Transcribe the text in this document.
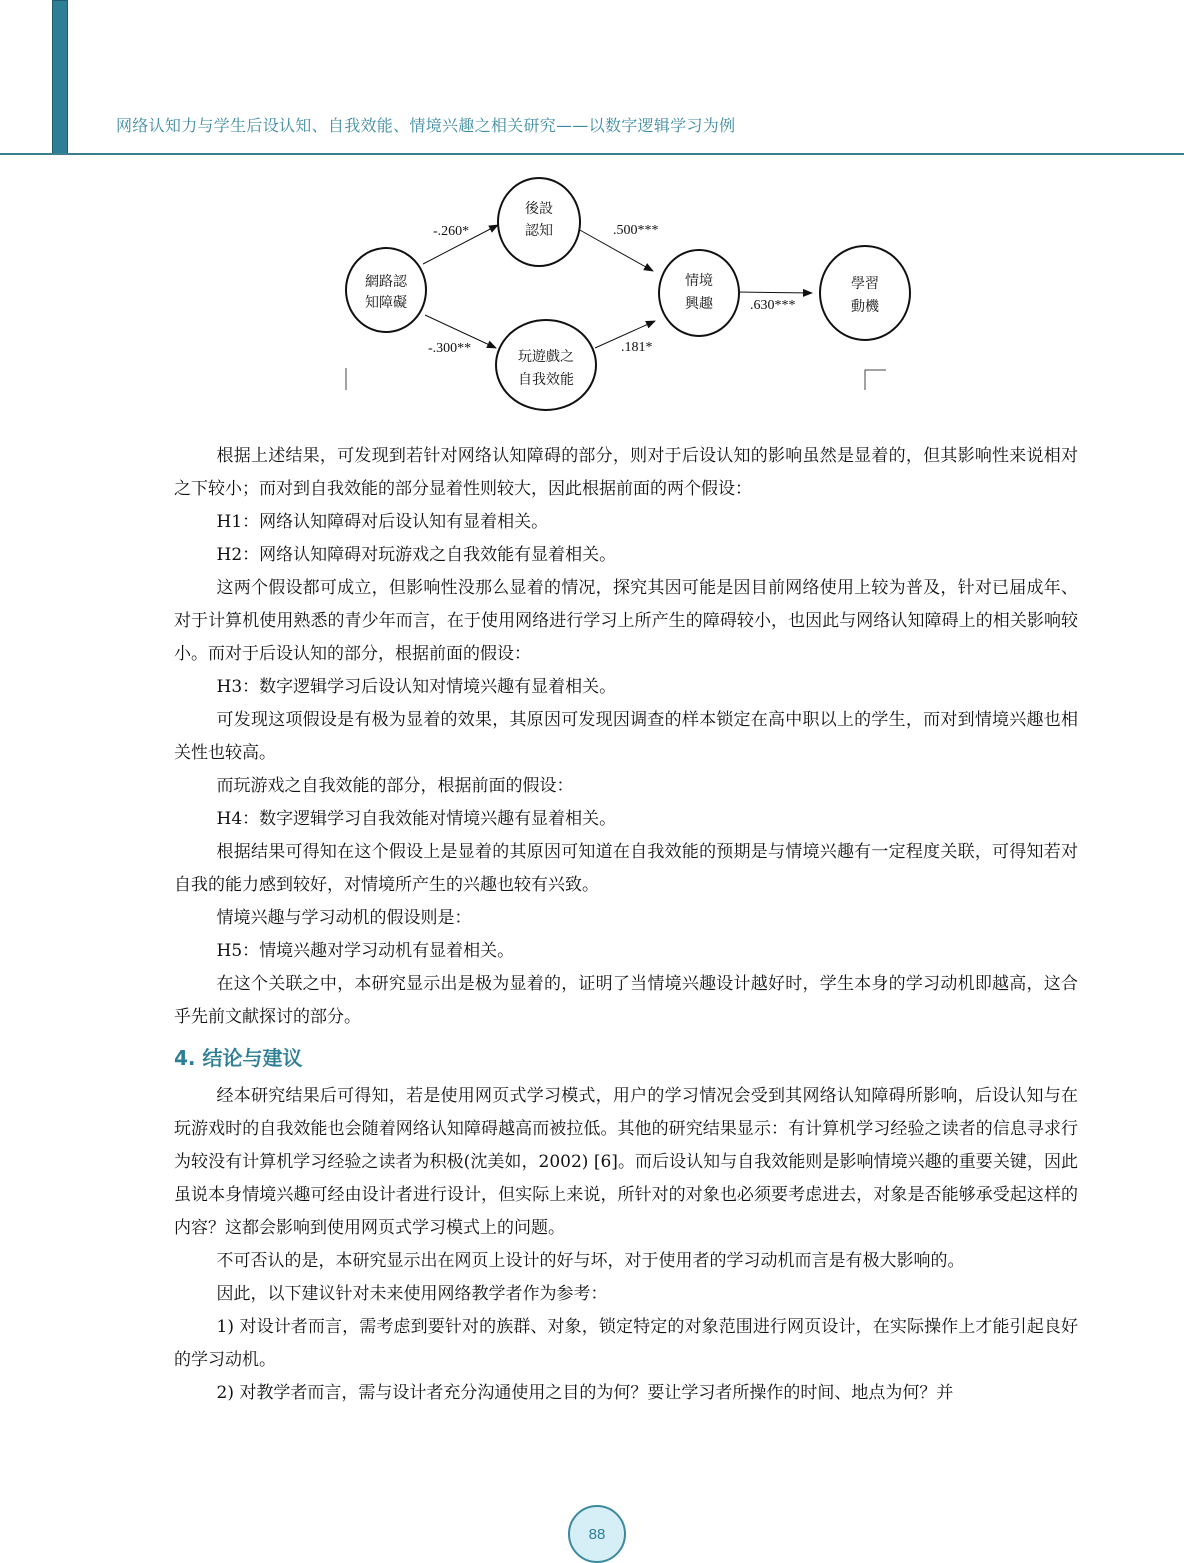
网络认知力与学生后设认知、自我效能、情境兴趣之相关研究——以数字逻辑学习为例
網路認
知障礙
後設
認知
玩遊戲之
自我效能
情境
興趣
學習
動機
-.260*
-.300**
.500***
.181*
.630***

根据上述结果，可发现到若针对网络认知障碍的部分，则对于后设认知的影响虽然是显着的，但其影响性来说相对之下较小；而对到自我效能的部分显着性则较大，因此根据前面的两个假设：

H1：网络认知障碍对后设认知有显着相关。

H2：网络认知障碍对玩游戏之自我效能有显着相关。

这两个假设都可成立，但影响性没那么显着的情况，探究其因可能是因目前网络使用上较为普及，针对已届成年、对于计算机使用熟悉的青少年而言，在于使用网络进行学习上所产生的障碍较小，也因此与网络认知障碍上的相关影响较小。而对于后设认知的部分，根据前面的假设：

H3：数字逻辑学习后设认知对情境兴趣有显着相关。

可发现这项假设是有极为显着的效果，其原因可发现因调查的样本锁定在高中职以上的学生，而对到情境兴趣也相关性也较高。

而玩游戏之自我效能的部分，根据前面的假设：

H4：数字逻辑学习自我效能对情境兴趣有显着相关。

根据结果可得知在这个假设上是显着的其原因可知道在自我效能的预期是与情境兴趣有一定程度关联，可得知若对自我的能力感到较好，对情境所产生的兴趣也较有兴致。

情境兴趣与学习动机的假设则是：

H5：情境兴趣对学习动机有显着相关。

在这个关联之中，本研究显示出是极为显着的，证明了当情境兴趣设计越好时，学生本身的学习动机即越高，这合乎先前文献探讨的部分。

4. 结论与建议

经本研究结果后可得知，若是使用网页式学习模式，用户的学习情况会受到其网络认知障碍所影响，后设认知与在玩游戏时的自我效能也会随着网络认知障碍越高而被拉低。其他的研究结果显示：有计算机学习经验之读者的信息寻求行为较没有计算机学习经验之读者为积极(沈美如，2002) [6]。而后设认知与自我效能则是影响情境兴趣的重要关键，因此虽说本身情境兴趣可经由设计者进行设计，但实际上来说，所针对的对象也必须要考虑进去，对象是否能够承受起这样的内容？这都会影响到使用网页式学习模式上的问题。

不可否认的是，本研究显示出在网页上设计的好与坏，对于使用者的学习动机而言是有极大影响的。

因此，以下建议针对未来使用网络教学者作为参考：

1) 对设计者而言，需考虑到要针对的族群、对象，锁定特定的对象范围进行网页设计，在实际操作上才能引起良好的学习动机。

2) 对教学者而言，需与设计者充分沟通使用之目的为何？要让学习者所操作的时间、地点为何？并

88
